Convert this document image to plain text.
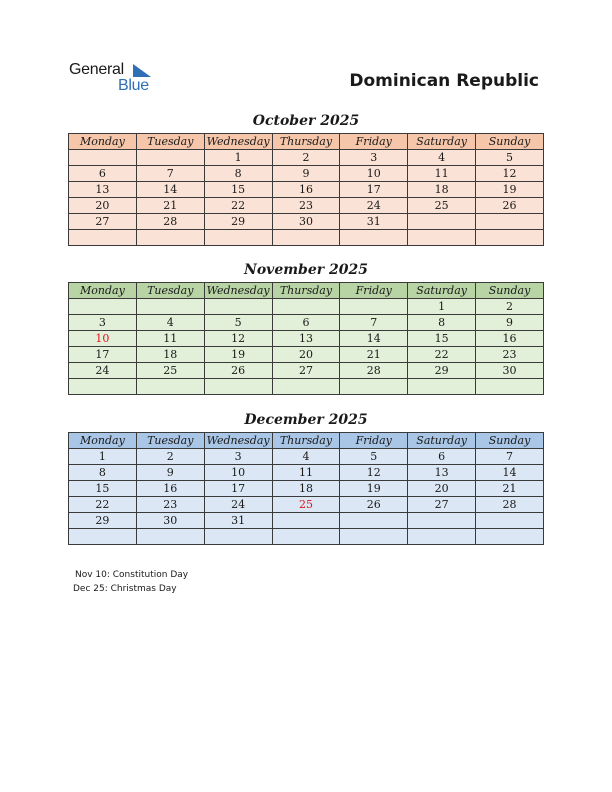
General
Blue	Dominican Republic
October 2025
Monday	Tuesday	Wednesday	Thursday	Friday	Saturday	Sunday
		1	2	3	4	5
6	7	8	9	10	11	12
13	14	15	16	17	18	19
20	21	22	23	24	25	26
27	28	29	30	31		

November 2025
Monday	Tuesday	Wednesday	Thursday	Friday	Saturday	Sunday
					1	2
3	4	5	6	7	8	9
10	11	12	13	14	15	16
17	18	19	20	21	22	23
24	25	26	27	28	29	30

December 2025
Monday	Tuesday	Wednesday	Thursday	Friday	Saturday	Sunday
1	2	3	4	5	6	7
8	9	10	11	12	13	14
15	16	17	18	19	20	21
22	23	24	25	26	27	28
29	30	31				

Nov 10: Constitution Day
Dec 25: Christmas Day
